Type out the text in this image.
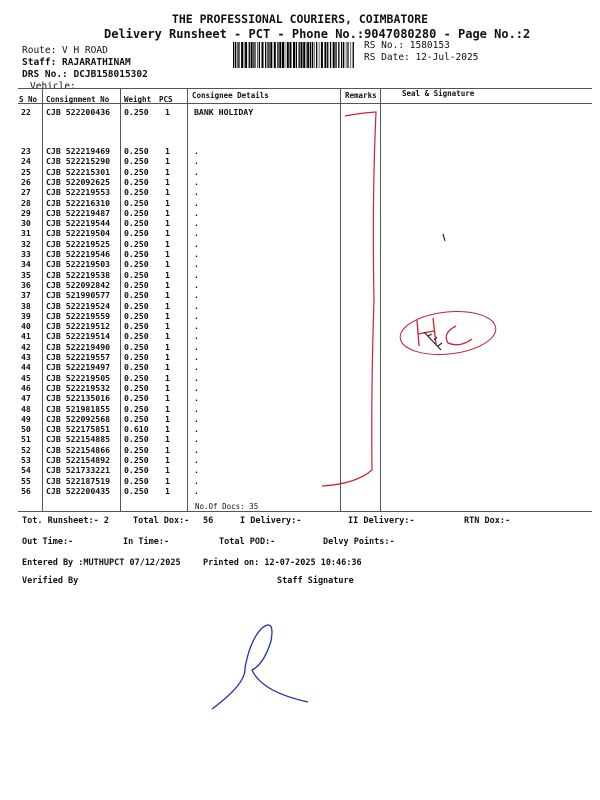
THE PROFESSIONAL COURIERS, COIMBATORE
Delivery Runsheet - PCT - Phone No.:9047080280 - Page No.:2
Route: V H ROAD
Staff: RAJARATHINAM
DRS No.: DCJB158015302
Vehicle:
RS No.: 1580153
RS Date: 12-Jul-2025
S No Consignment No Weight PCS	Consignee Details	Remarks	Seal & Signature
22 CJB 522200436 0.250 1	BANK HOLIDAY
23 CJB 522219469 0.250 1	.
24 CJB 522215290 0.250 1	.
25 CJB 522215301 0.250 1	.
26 CJB 522092625 0.250 1	.
27 CJB 522219553 0.250 1	.
28 CJB 522216310 0.250 1	.
29 CJB 522219487 0.250 1	.
30 CJB 522219544 0.250 1	.
31 CJB 522219504 0.250 1	.
32 CJB 522219525 0.250 1	.
33 CJB 522219546 0.250 1	.
34 CJB 522219503 0.250 1	.
35 CJB 522219538 0.250 1	.
36 CJB 522092842 0.250 1	.
37 CJB 521990577 0.250 1	.
38 CJB 522219524 0.250 1	.
39 CJB 522219559 0.250 1	.
40 CJB 522219512 0.250 1	.
41 CJB 522219514 0.250 1	.
42 CJB 522219490 0.250 1	.
43 CJB 522219557 0.250 1	.
44 CJB 522219497 0.250 1	.
45 CJB 522219505 0.250 1	.
46 CJB 522219532 0.250 1	.
47 CJB 522135016 0.250 1	.
48 CJB 521981855 0.250 1	.
49 CJB 522092568 0.250 1	.
50 CJB 522175851 0.610 1	.
51 CJB 522154885 0.250 1	.
52 CJB 522154866 0.250 1	.
53 CJB 522154892 0.250 1	.
54 CJB 521733221 0.250 1	.
55 CJB 522187519 0.250 1	.
56 CJB 522200435 0.250 1	.
No.Of Docs: 35
Tot. Runsheet:- 2	Total Dox:- 56	I Delivery:-	II Delivery:-	RTN Dox:-
Out Time:-	In Time:-	Total POD:-	Delvy Points:-
Entered By :MUTHUPCT 07/12/2025	Printed on: 12-07-2025 10:46:36
Verified By	Staff Signature
